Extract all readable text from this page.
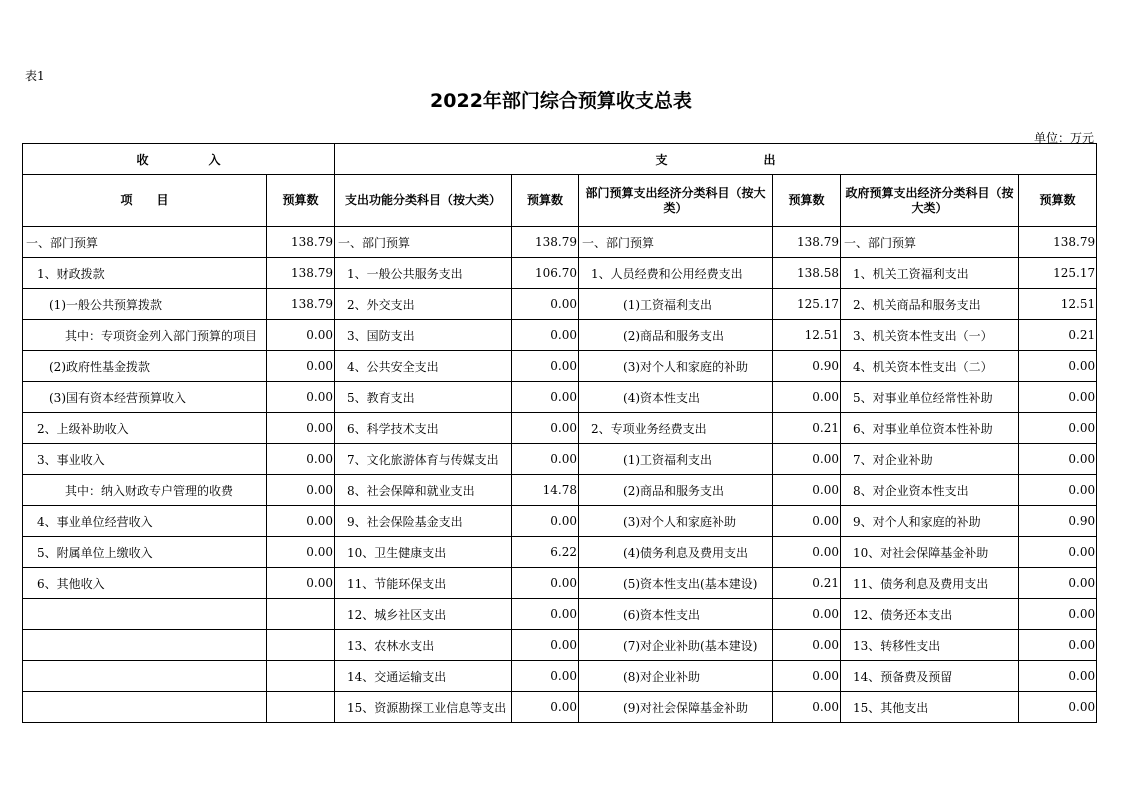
表1
2022年部门综合预算收支总表
单位：万元
收　　　　　入		支　　　　　　　　出					
项　　目	预算数	支出功能分类科目（按大类）	预算数	部门预算支出经济分类科目（按大类）	预算数	政府预算支出经济分类科目（按大类）	预算数
一、部门预算	138.79	一、部门预算	138.79	一、部门预算	138.79	一、部门预算	138.79
1、财政拨款	138.79	1、一般公共服务支出	106.70	1、人员经费和公用经费支出	138.58	1、机关工资福利支出	125.17
(1)一般公共预算拨款	138.79	2、外交支出	0.00	(1)工资福利支出	125.17	2、机关商品和服务支出	12.51
其中：专项资金列入部门预算的项目	0.00	3、国防支出	0.00	(2)商品和服务支出	12.51	3、机关资本性支出（一）	0.21
(2)政府性基金拨款	0.00	4、公共安全支出	0.00	(3)对个人和家庭的补助	0.90	4、机关资本性支出（二）	0.00
(3)国有资本经营预算收入	0.00	5、教育支出	0.00	(4)资本性支出	0.00	5、对事业单位经常性补助	0.00
2、上级补助收入	0.00	6、科学技术支出	0.00	2、专项业务经费支出	0.21	6、对事业单位资本性补助	0.00
3、事业收入	0.00	7、文化旅游体育与传媒支出	0.00	(1)工资福利支出	0.00	7、对企业补助	0.00
其中：纳入财政专户管理的收费	0.00	8、社会保障和就业支出	14.78	(2)商品和服务支出	0.00	8、对企业资本性支出	0.00
4、事业单位经营收入	0.00	9、社会保险基金支出	0.00	(3)对个人和家庭补助	0.00	9、对个人和家庭的补助	0.90
5、附属单位上缴收入	0.00	10、卫生健康支出	6.22	(4)债务利息及费用支出	0.00	10、对社会保障基金补助	0.00
6、其他收入	0.00	11、节能环保支出	0.00	(5)资本性支出(基本建设)	0.21	11、债务利息及费用支出	0.00
		12、城乡社区支出	0.00	(6)资本性支出	0.00	12、债务还本支出	0.00
		13、农林水支出	0.00	(7)对企业补助(基本建设)	0.00	13、转移性支出	0.00
		14、交通运输支出	0.00	(8)对企业补助	0.00	14、预备费及预留	0.00
		15、资源勘探工业信息等支出	0.00	(9)对社会保障基金补助	0.00	15、其他支出	0.00
